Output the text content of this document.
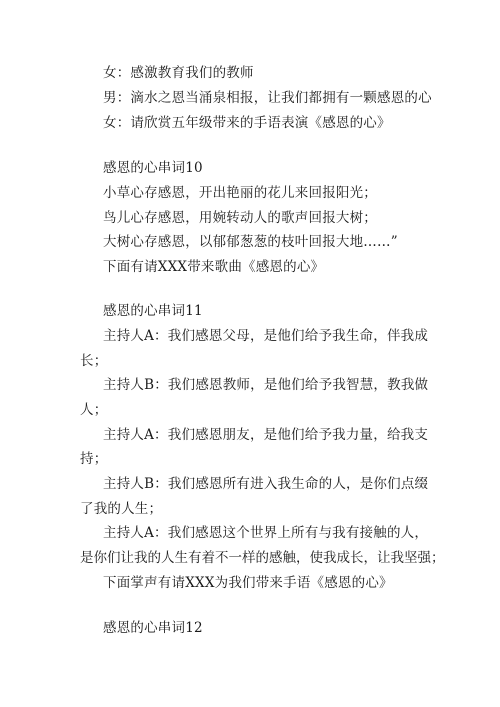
女：感激教育我们的教师
男：滴水之恩当涌泉相报，让我们都拥有一颗感恩的心
女：请欣赏五年级带来的手语表演《感恩的心》
感恩的心串词10
小草心存感恩，开出艳丽的花儿来回报阳光；
鸟儿心存感恩，用婉转动人的歌声回报大树；
大树心存感恩，以郁郁葱葱的枝叶回报大地……”
下面有请XXX带来歌曲《感恩的心》
感恩的心串词11
主持人A：我们感恩父母，是他们给予我生命，伴我成
长；
主持人B：我们感恩教师，是他们给予我智慧，教我做
人；
主持人A：我们感恩朋友，是他们给予我力量，给我支
持；
主持人B：我们感恩所有进入我生命的人，是你们点缀
了我的人生；
主持人A：我们感恩这个世界上所有与我有接触的人，
是你们让我的人生有着不一样的感触，使我成长，让我坚强；
下面掌声有请XXX为我们带来手语《感恩的心》
感恩的心串词12
